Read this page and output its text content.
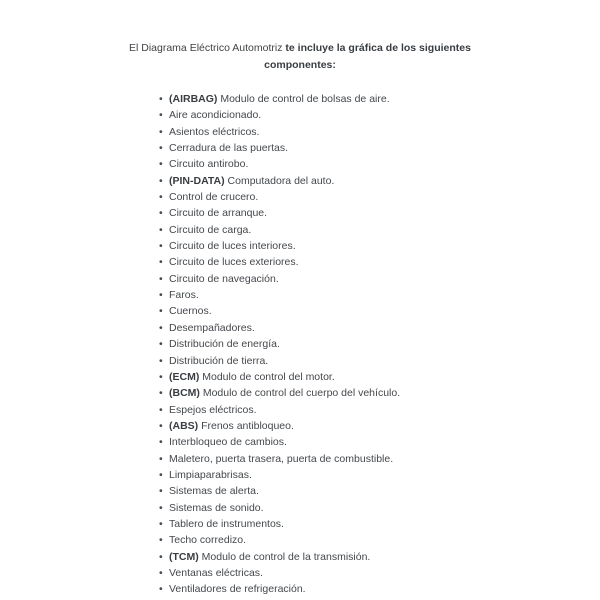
El Diagrama Eléctrico Automotriz te incluye la gráfica de los siguientes
componentes:
• (AIRBAG) Modulo de control de bolsas de aire.
• Aire acondicionado.
• Asientos eléctricos.
• Cerradura de las puertas.
• Circuito antirobo.
• (PIN-DATA) Computadora del auto.
• Control de crucero.
• Circuito de arranque.
• Circuito de carga.
• Circuito de luces interiores.
• Circuito de luces exteriores.
• Circuito de navegación.
• Faros.
• Cuernos.
• Desempañadores.
• Distribución de energía.
• Distribución de tierra.
• (ECM) Modulo de control del motor.
• (BCM) Modulo de control del cuerpo del vehículo.
• Espejos eléctricos.
• (ABS) Frenos antibloqueo.
• Interbloqueo de cambios.
• Maletero, puerta trasera, puerta de combustible.
• Limpiaparabrisas.
• Sistemas de alerta.
• Sistemas de sonido.
• Tablero de instrumentos.
• Techo corredizo.
• (TCM) Modulo de control de la transmisión.
• Ventanas eléctricas.
• Ventiladores de refrigeración.
